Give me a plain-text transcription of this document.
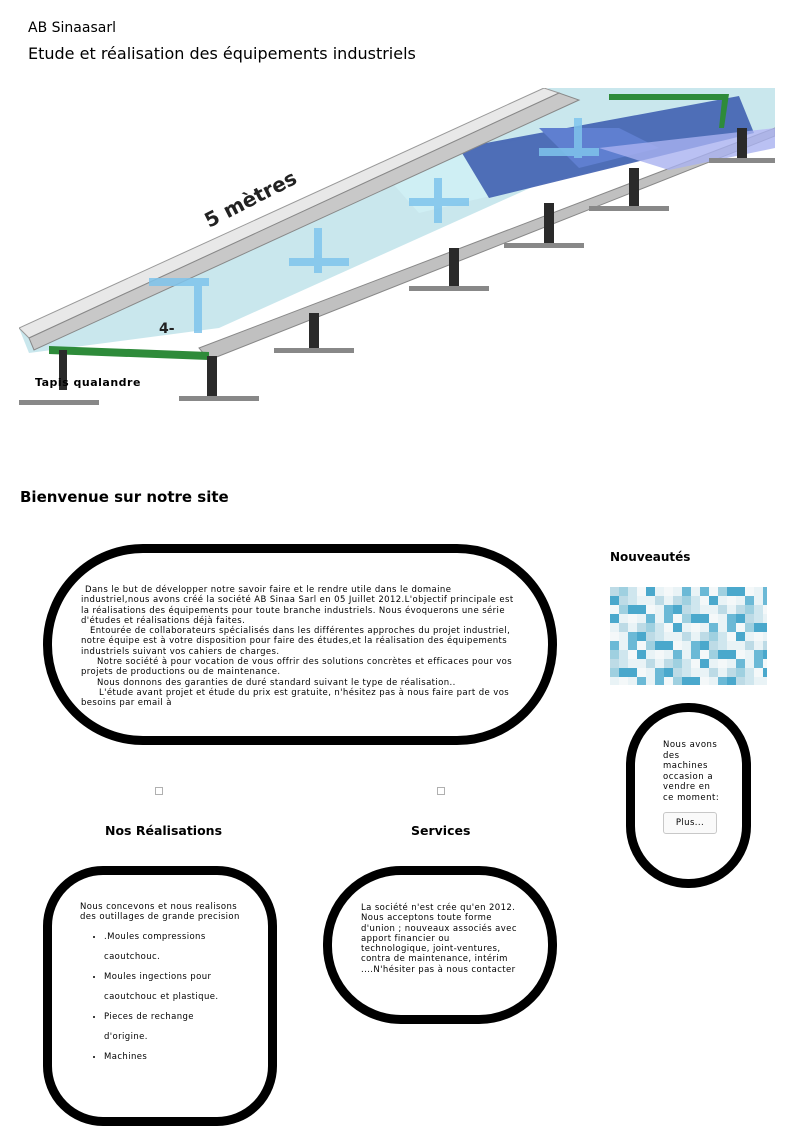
AB Sinaasarl
Etude et réalisation des équipements industriels
5 mètres
4-
Tapis qualandre
Bienvenue sur notre site

Dans le but de développer notre savoir faire et le rendre utile dans le domaine industriel,nous avons créé la société AB Sinaa Sarl en 05 Juillet 2012.L'objectif principale est la réalisations des équipements pour toute branche industriels. Nous évoquerons une série d'études et réalisations déjà faites.

Entourée de collaborateurs spécialisés dans les différentes approches du projet industriel, notre équipe est à votre disposition pour faire des études,et la réalisation des équipements industriels suivant vos cahiers de charges.

Notre société à pour vocation de vous offrir des solutions concrètes et efficaces pour vos projets de productions ou de maintenance.

Nous donnons des garanties de duré standard suivant le type de réalisation..

L'étude avant projet et étude du prix est gratuite, n'hésitez pas à nous faire part de vos besoins par email à

Nouveautés
Nous avons des machines occasion a vendre en ce moment:
Plus...
Nos Réalisations	Services
Nous concevons et nous realisons des outillages de grande precision
• .Moules compressions caoutchouc.
• Moules ingections pour caoutchouc et plastique.
• Pieces de rechange d'origine.
• Machines
La société n'est crée qu'en 2012. Nous acceptons toute forme d'union ; nouveaux associés avec apport financier ou technologique, joint-ventures, contra de maintenance, intérim ....N'hésiter pas à nous contacter
